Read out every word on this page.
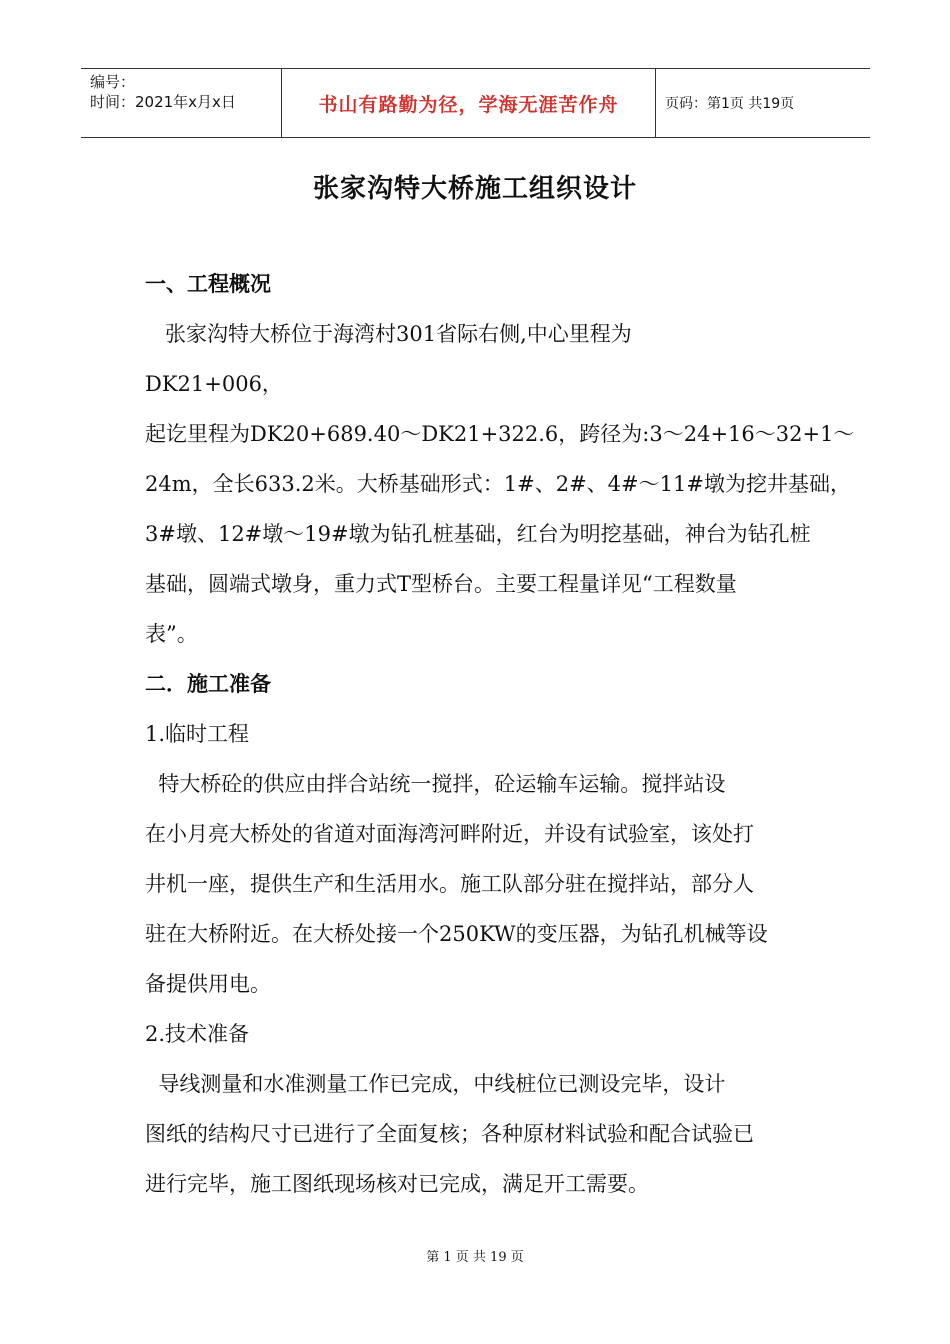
编号：
时间：2021年x月x日	书山有路勤为径，学海无涯苦作舟	页码：第1页 共19页
张家沟特大桥施工组织设计
一、工程概况
张家沟特大桥位于海湾村301省际右侧,中心里程为
DK21+006，
起讫里程为DK20+689.40～DK21+322.6，跨径为:3～24+16～32+1～
24m，全长633.2米。大桥基础形式：1#、2#、4#～11#墩为挖井基础，
3#墩、12#墩～19#墩为钻孔桩基础，红台为明挖基础，神台为钻孔桩
基础，圆端式墩身，重力式T型桥台。主要工程量详见“工程数量
表”。
二．施工准备
1.临时工程
特大桥砼的供应由拌合站统一搅拌，砼运输车运输。搅拌站设
在小月亮大桥处的省道对面海湾河畔附近，并设有试验室，该处打
井机一座，提供生产和生活用水。施工队部分驻在搅拌站，部分人
驻在大桥附近。在大桥处接一个250KW的变压器，为钻孔机械等设
备提供用电。
2.技术准备
导线测量和水准测量工作已完成，中线桩位已测设完毕，设计
图纸的结构尺寸已进行了全面复核；各种原材料试验和配合试验已
进行完毕，施工图纸现场核对已完成，满足开工需要。
第 1 页 共 19 页
